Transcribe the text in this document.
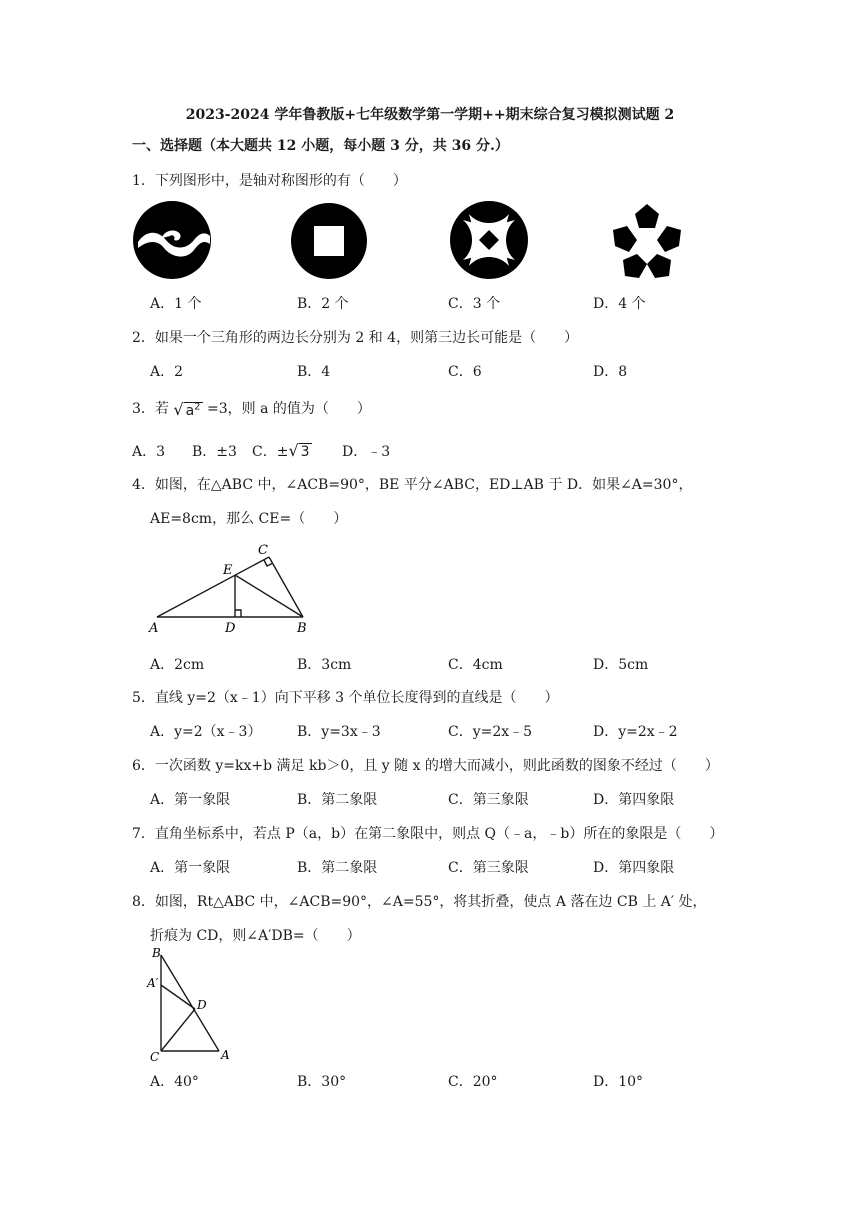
2023-2024 学年鲁教版+七年级数学第一学期++期末综合复习模拟测试题 2
一、选择题（本大题共 12 小题，每小题 3 分，共 36 分.）
1．下列图形中，是轴对称图形的有（　　）
A．1 个	B．2 个	C．3 个	D．4 个
2．如果一个三角形的两边长分别为 2 和 4，则第三边长可能是（　　）
A．2	B．4	C．6	D．8
3．若 √ $a^2 =3$，则 a 的值为（　　）
A．3 B．±3 C．±√ 3 D．﹣3
4．如图，在△ABC 中，∠ACB=90°，BE 平分∠ABC，ED⊥AB 于 D．如果∠A=30°，
AE=8cm，那么 CE=（　　）
C
E
A	D	B
A．2cm	B．3cm	C．4cm	D．5cm
5．直线 y=2（x﹣1）向下平移 3 个单位长度得到的直线是（　　）
A．y=2（x﹣3）	B．y=3x﹣3	C．y=2x﹣5	D．y=2x﹣2
6．一次函数 y=kx+b 满足 kb＞0，且 y 随 x 的增大而减小，则此函数的图象不经过（　　）
A．第一象限	B．第二象限	C．第三象限	D．第四象限
7．直角坐标系中，若点 P（a，b）在第二象限中，则点 Q（﹣a，﹣b）所在的象限是（　　）
A．第一象限	B．第二象限	C．第三象限	D．第四象限
8．如图，Rt△ABC 中，∠ACB=90°，∠A=55°，将其折叠，使点 A 落在边 CB 上 A′ 处，
折痕为 CD，则∠A′DB=（　　）
B
A′
D
C	A
A．40°	B．30°	C．20°	D．10°
